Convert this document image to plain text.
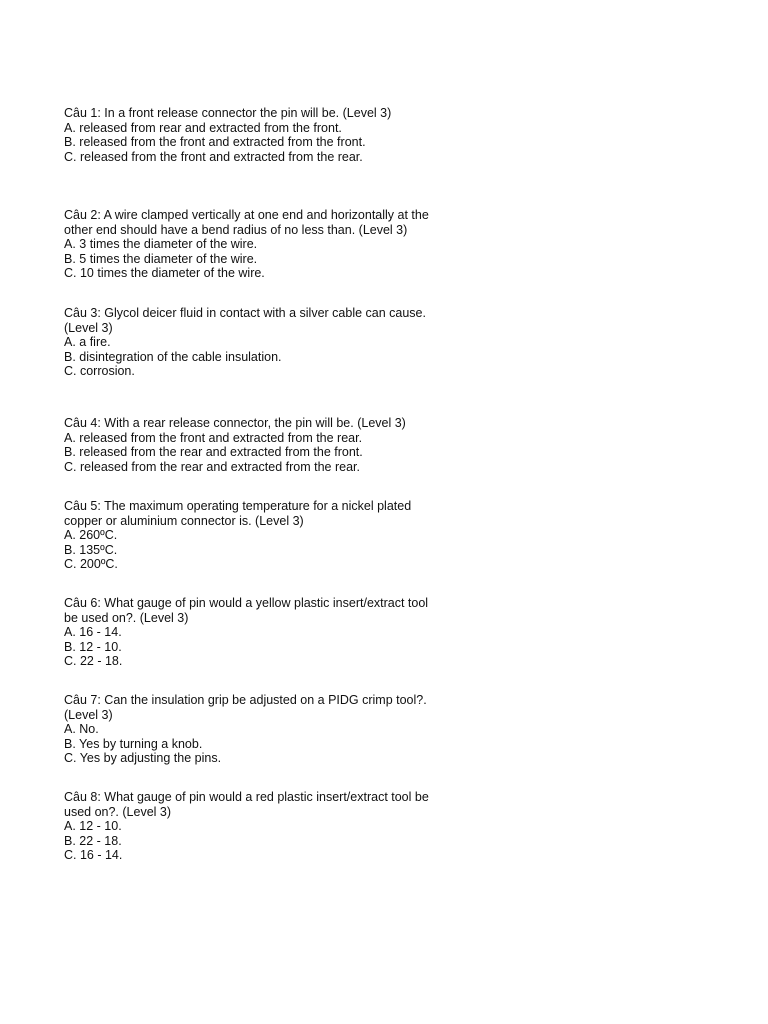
Câu 1: In a front release connector the pin will be. (Level 3)
A. released from rear and extracted from the front.
B. released from the front and extracted from the front.
C. released from the front and extracted from the rear.
Câu 2: A wire clamped vertically at one end and horizontally at the other end should have a bend radius of no less than. (Level 3)
A. 3 times the diameter of the wire.
B. 5 times the diameter of the wire.
C. 10 times the diameter of the wire.
Câu 3: Glycol deicer fluid in contact with a silver cable can cause. (Level 3)
A. a fire.
B. disintegration of the cable insulation.
C. corrosion.
Câu 4: With a rear release connector, the pin will be. (Level 3)
A. released from the front and extracted from the rear.
B. released from the rear and extracted from the front.
C. released from the rear and extracted from the rear.
Câu 5: The maximum operating temperature for a nickel plated copper or aluminium connector is. (Level 3)
A. 260ºC.
B. 135ºC.
C. 200ºC.
Câu 6: What gauge of pin would a yellow plastic insert/extract tool be used on?. (Level 3)
A. 16 - 14.
B. 12 - 10.
C. 22 - 18.
Câu 7: Can the insulation grip be adjusted on a PIDG crimp tool?. (Level 3)
A. No.
B. Yes by turning a knob.
C. Yes by adjusting the pins.
Câu 8: What gauge of pin would a red plastic insert/extract tool be used on?. (Level 3)
A. 12 - 10.
B. 22 - 18.
C. 16 - 14.
